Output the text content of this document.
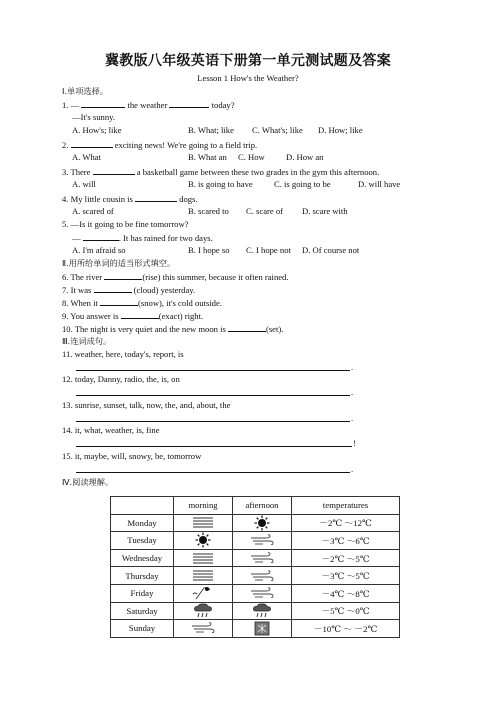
冀教版八年级英语下册第一单元测试题及答案
Lesson 1 How's the Weather?
Ⅰ.单项选择。
1. —	the weather	today?
—It's sunny.
A. How's; like	B. What; like C. What's; like D. How; like
2.	exciting news! We're going to a field trip.
A. What	B. What an C. How D. How an
3. There	a basketball game between these two grades in the gym this afternoon.
A. will	B. is going to have C. is going to be	D. will have
4. My little cousin is	dogs.
A. scared of	B. scared to C. scare of D. scare with
5. —Is it going to be fine tomorrow?
—	. It has rained for two days.
A. I'm afraid so	B. I hope so C. I hope not D. Of course not
Ⅱ.用所给单词的适当形式填空。
6. The river	(rise) this summer, because it often rained.
7. It was	(cloud) yesterday.
8. When it	(snow), it's cold outside.
9. You answer is	(exact) right.
10. The night is very quiet and the new moon is	(set).
Ⅲ.连词成句。
11. weather, here, today's, report, is
.
12. today, Danny, radio, the, is, on
.
13. sunrise, sunset, talk, now, the, and, about, the
.
14. it, what, weather, is, fine
!
15. it, maybe, will, snowy, be, tomorrow
.
Ⅳ.阅读理解。
	morning	afternoon	temperatures
Monday			－2℃ ～12℃
Tuesday			－3℃ ～6℃
Wednesday			－2℃ ～5℃
Thursday			－3℃ ～5℃
Friday			－4℃ ～8℃
Saturday			－5℃ ～0℃
Sunday			－10℃ ～ －2℃
